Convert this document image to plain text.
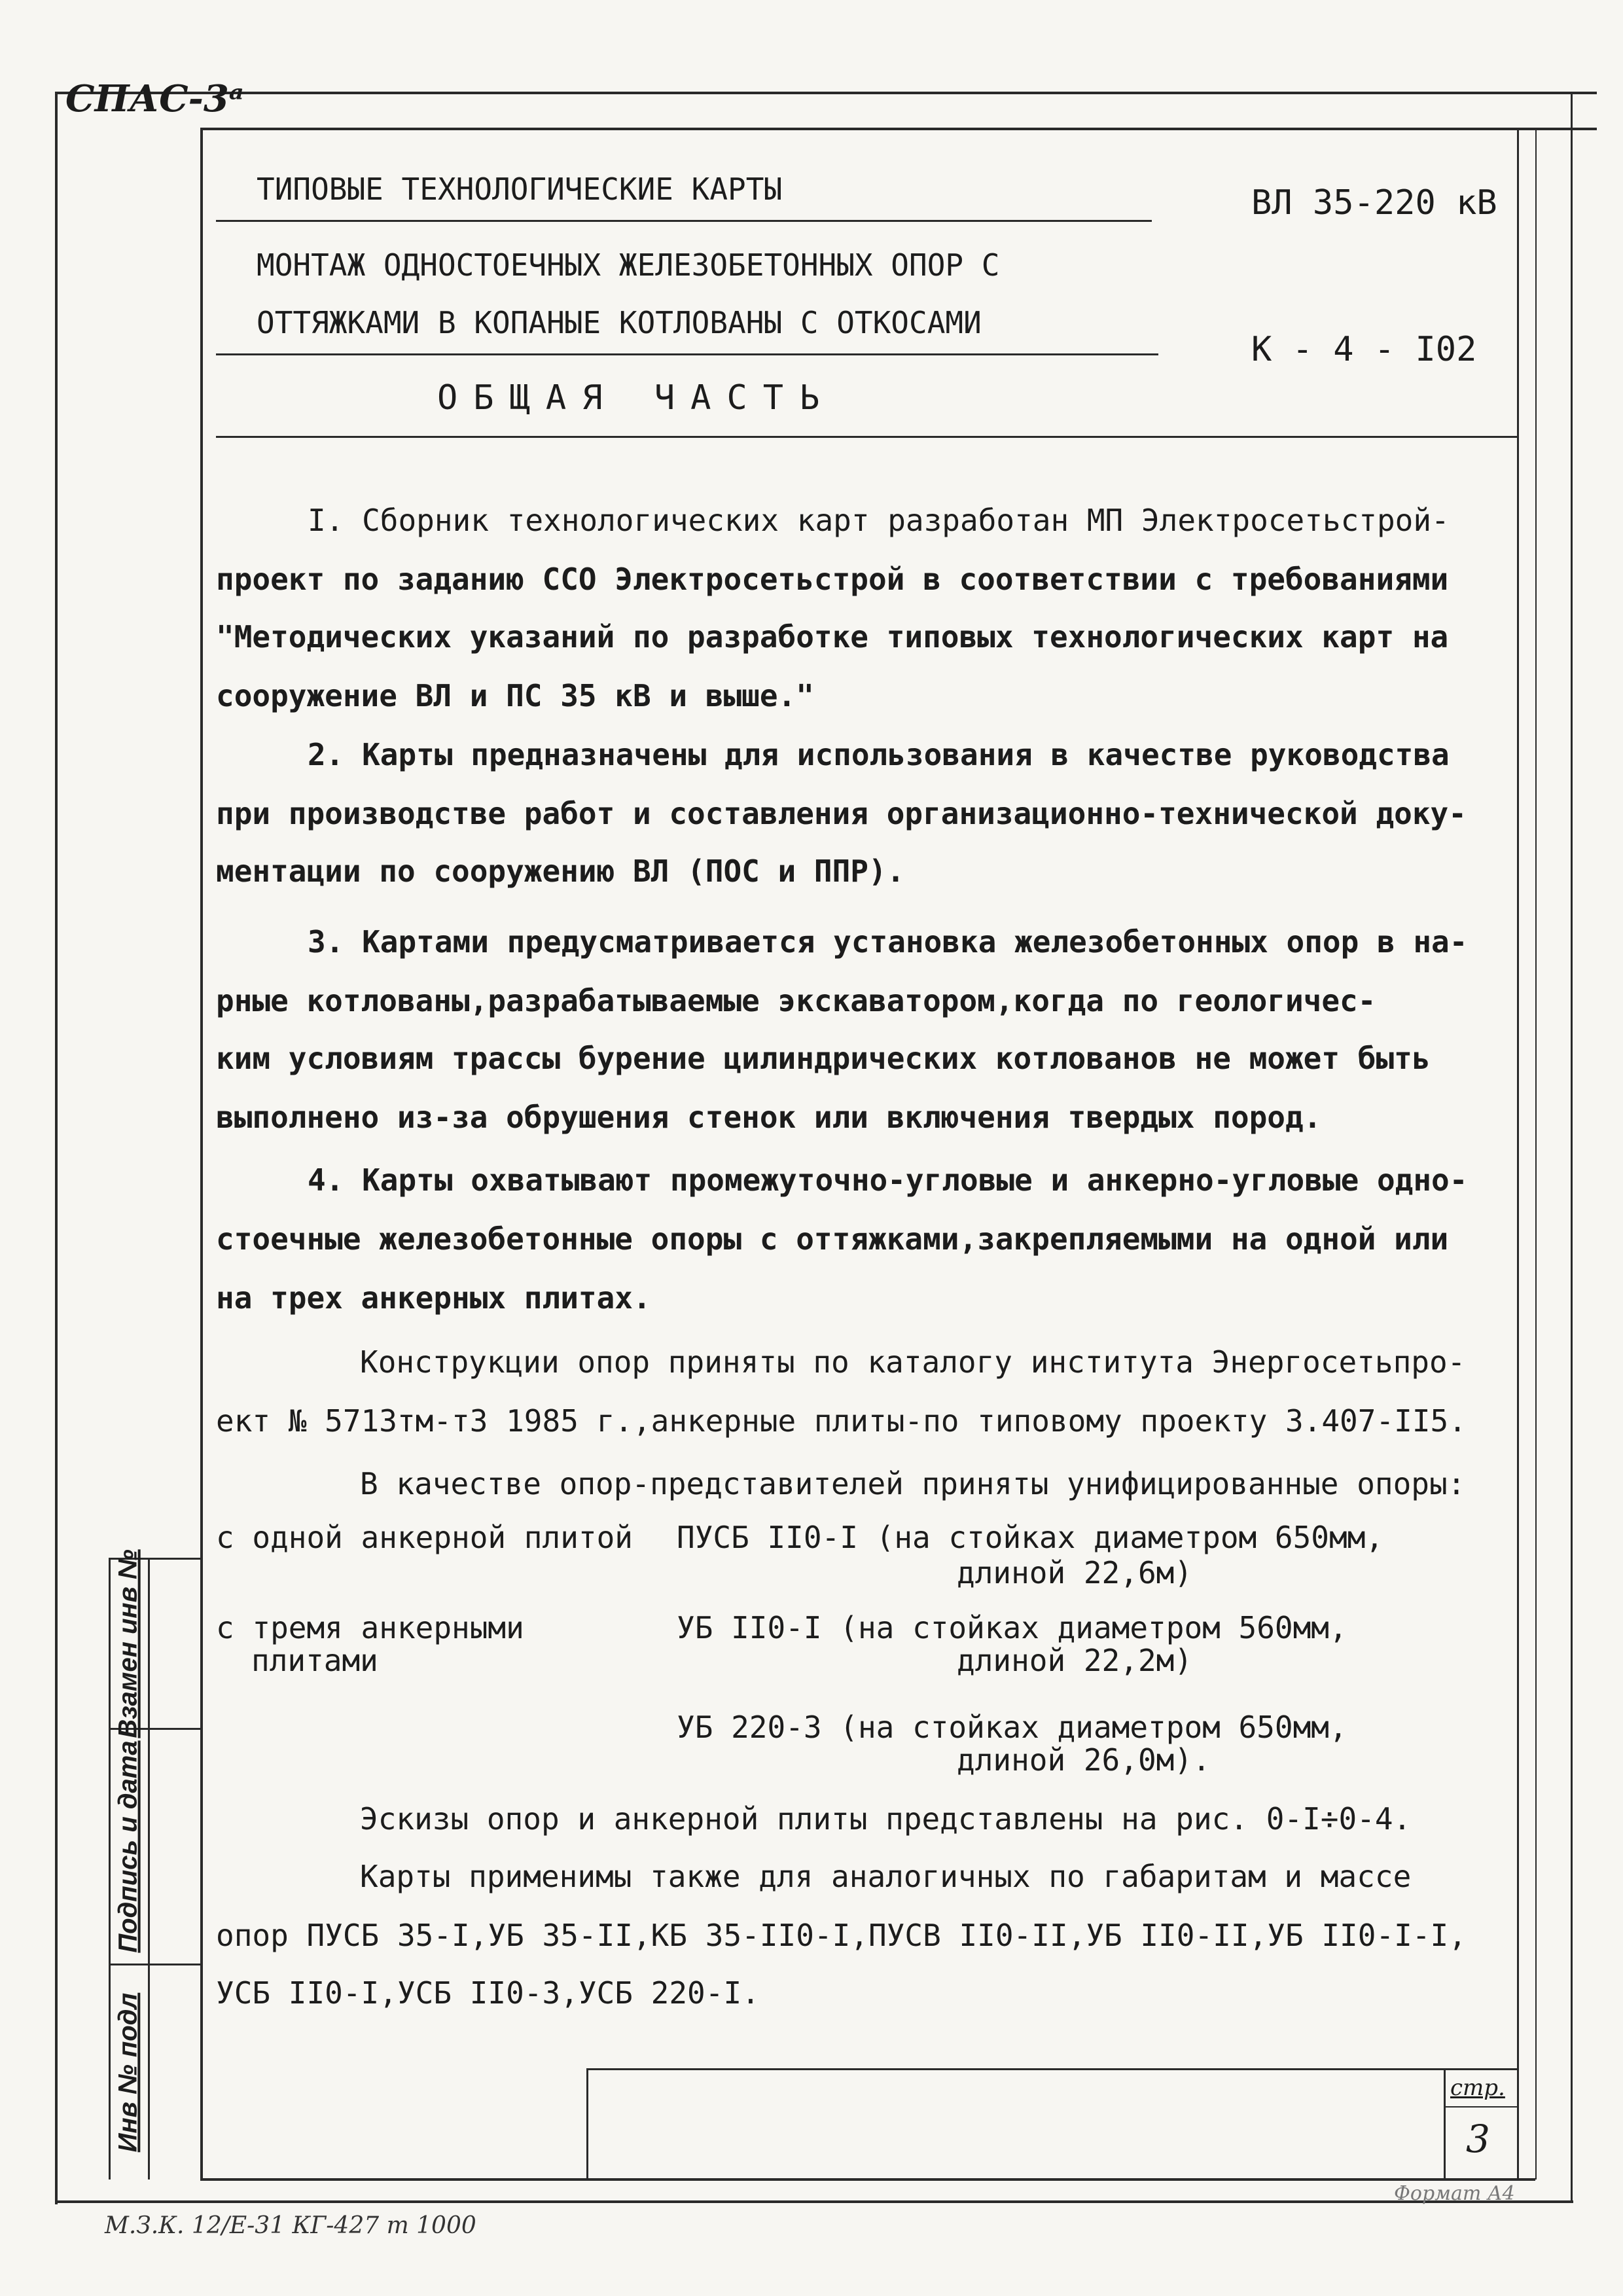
СПАС-3ᵃ
ТИПОВЫЕ ТЕХНОЛОГИЧЕСКИЕ КАРТЫ	ВЛ 35-220 кВ
МОНТАЖ ОДНОСТОЕЧНЫХ ЖЕЛЕЗОБЕТОННЫХ ОПОР С
ОТТЯЖКАМИ В КОПАНЫЕ КОТЛОВАНЫ С ОТКОСАМИ
К - 4 - I02
ОБЩАЯ ЧАСТЬ
I. Сборник технологических карт разработан МП Электросетьстрой-
проект по заданию ССО Электросетьстрой в соответствии с требованиями
"Методических указаний по разработке типовых технологических карт на
сооружение ВЛ и ПС 35 кВ и выше."
2. Карты предназначены для использования в качестве руководства
при производстве работ и составления организационно-технической доку-
ментации по сооружению ВЛ (ПОС и ППР).
3. Картами предусматривается установка железобетонных опор в на-
рные котлованы,разрабатываемые экскаватором,когда по геологичес-
ким условиям трассы бурение цилиндрических котлованов не может быть
выполнено из-за обрушения стенок или включения твердых пород.
4. Карты охватывают промежуточно-угловые и анкерно-угловые одно-
стоечные железобетонные опоры с оттяжками,закрепляемыми на одной или
на трех анкерных плитах.
Конструкции опор приняты по каталогу института Энергосетьпро-
ект № 5713тм-т3 1985 г.,анкерные плиты-по типовому проекту 3.407-II5.
В качестве опор-представителей приняты унифицированные опоры:
с одной анкерной плитой ПУСБ II0-I (на стойках диаметром 650мм,
длиной 22,6м)
с тремя анкерными
плитами
УБ II0-I (на стойках диаметром 560мм,
длиной 22,2м)
УБ 220-3 (на стойках диаметром 650мм,
длиной 26,0м).
Эскизы опор и анкерной плиты представлены на рис. 0-I÷0-4.
Карты применимы также для аналогичных по габаритам и массе
опор ПУСБ 35-I,УБ 35-II,КБ 35-II0-I,ПУСВ II0-II,УБ II0-II,УБ II0-I-I,
УСБ II0-I,УСБ II0-3,УСБ 220-I.
Взамен инв №
Подпись и дата
Инв № подл	стр.
3
М.З.К. 12/Е-31 КГ-427 т 1000
Формат А4
